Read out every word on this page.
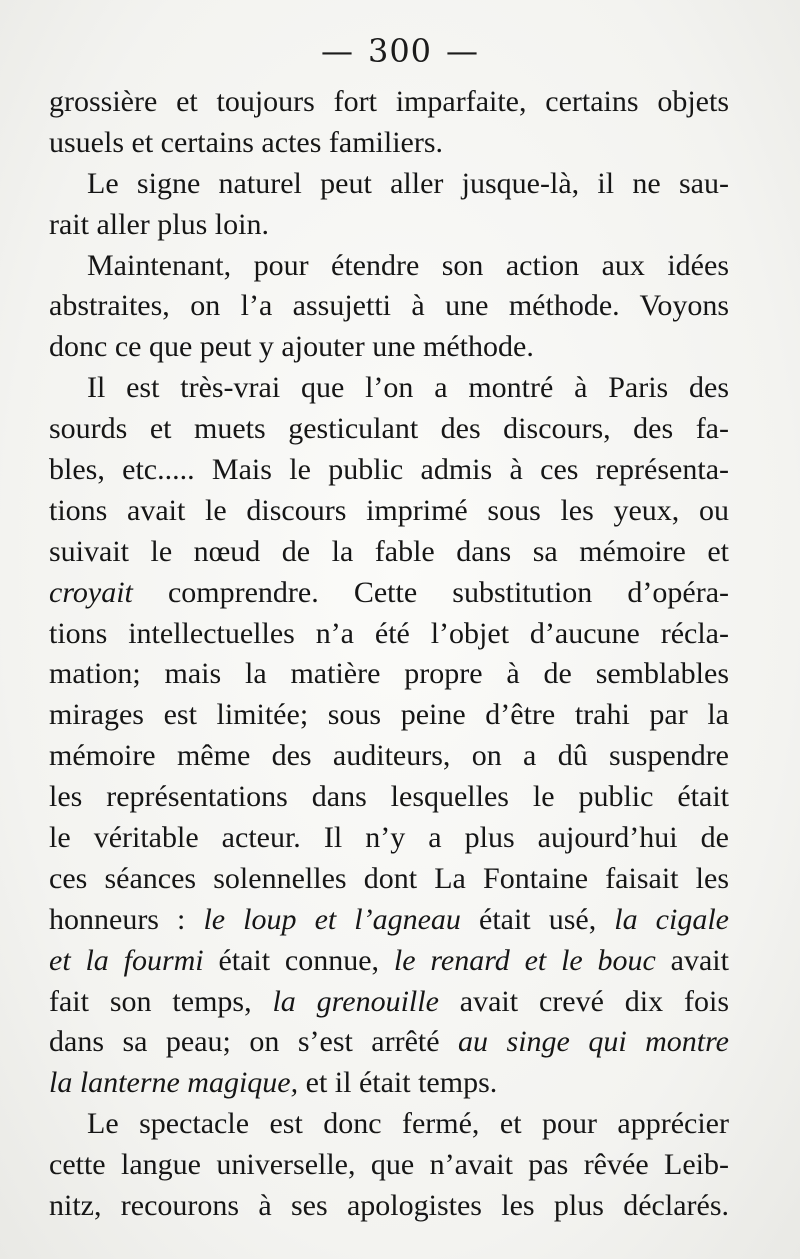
— 300 —
grossière et toujours fort imparfaite, certains objets
usuels et certains actes familiers.
Le signe naturel peut aller jusque-là, il ne sau-
rait aller plus loin.
Maintenant, pour étendre son action aux idées
abstraites, on l’a assujetti à une méthode. Voyons
donc ce que peut y ajouter une méthode.
Il est très-vrai que l’on a montré à Paris des
sourds et muets gesticulant des discours, des fa-
bles, etc..... Mais le public admis à ces représenta-
tions avait le discours imprimé sous les yeux, ou
suivait le nœud de la fable dans sa mémoire et
croyait comprendre. Cette substitution d’opéra-
tions intellectuelles n’a été l’objet d’aucune récla-
mation; mais la matière propre à de semblables
mirages est limitée; sous peine d’être trahi par la
mémoire même des auditeurs, on a dû suspendre
les représentations dans lesquelles le public était
le véritable acteur. Il n’y a plus aujourd’hui de
ces séances solennelles dont La Fontaine faisait les
honneurs : le loup et l’agneau était usé, la cigale
et la fourmi était connue, le renard et le bouc avait
fait son temps, la grenouille avait crevé dix fois
dans sa peau; on s’est arrêté au singe qui montre
la lanterne magique, et il était temps.
Le spectacle est donc fermé, et pour apprécier
cette langue universelle, que n’avait pas rêvée Leib-
nitz, recourons à ses apologistes les plus déclarés.
